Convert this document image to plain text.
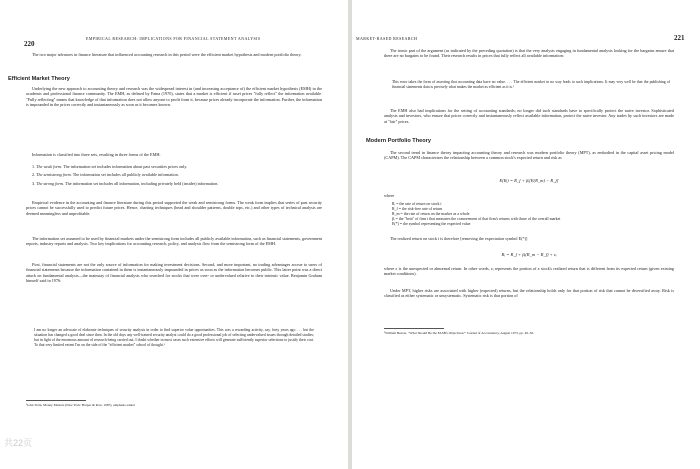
220
EMPIRICAL RESEARCH: IMPLICATIONS FOR FINANCIAL STATEMENT ANALYSIS

The two major advances in finance literature that influenced accounting research in this period were the efficient market hypothesis and modern portfolio theory.

Efficient Market Theory

Underlying the new approach to accounting theory and research was the widespread interest in (and increasing acceptance of) the efficient market hypothesis (EMH) in the academic and professional finance community. The EMH, as defined by Fama (1970), states that a market is efficient if asset prices "fully reflect" the information available. "Fully reflecting" means that knowledge of that information does not allow anyone to profit from it, because prices already incorporate the information. Further, the information is impounded in the prices correctly and instantaneously as soon as it becomes known.

Information is classified into three sets, resulting in three forms of the EMH:

1. The weak form. The information set includes information about past securities prices only.
2. The semistrong form. The information set includes all publicly available information.
3. The strong form. The information set includes all information, including privately held (insider) information.

Empirical evidence in the accounting and finance literature during this period supported the weak and semistrong forms. The weak form implies that series of past security prices cannot be successfully used to predict future prices. Hence, charting techniques (head and shoulder patterns, double tops, etc.) and other types of technical analysis are deemed meaningless and unprofitable.

The information set assumed to be used by financial markets under the semistrong form includes all publicly available information, such as financial statements, government reports, industry reports and analysis. Two key implications for accounting research, policy, and analysis flow from the semistrong form of the EMH.

First, financial statements are not the only source of information for making investment decisions. Second, and more important, no trading advantages accrue to users of financial statements because the information contained in them is instantaneously impounded in prices as soon as the information becomes public. This latter point was a direct attack on fundamental analysis—the mainstay of financial analysts who searched for stocks that were over- or undervalued relative to their intrinsic value. Benjamin Graham himself said in 1976:

I am no longer an advocate of elaborate techniques of security analysis in order to find superior value opportunities. This was a rewarding activity, say, forty years ago . . . but the situation has changed a good deal since then. In the old days any well-trained security analyst could do a good professional job of selecting undervalued issues through detailed studies; but in light of the enormous amount of research being carried out, I doubt whether in most cases such extensive efforts will generate sufficiently superior selections to justify their cost. To that very limited extent I'm on the side of the "efficient market" school of thought.¹

¹John Train, Money Masters (New York: Harper & Row, 1987), emphasis added
共22页
MARKET-BASED RESEARCH	221

The ironic part of the argument (as indicated by the preceding quotation) is that the very analysts engaging in fundamental analysis looking for the bargains ensure that there are no bargains to be found. Their research results in prices that fully reflect all available information:

This error takes the form of asserting that accounting data have no value. . . . The efficient market in no way leads to such implications. It may very well be that the publishing of financial statements data is precisely what makes the market as efficient as it is.²

The EMH also had implications for the setting of accounting standards; no longer did such standards have to specifically protect the naive investor. Sophisticated analysts and investors, who ensure that prices correctly and instantaneously reflect available information, protect the naive investor. Any trades by such investors are made at "fair" prices.

Modern Portfolio Theory

The second trend in finance theory impacting accounting theory and research was modern portfolio theory (MPT), as embodied in the capital asset pricing model (CAPM). The CAPM characterizes the relationship between a common stock's expected return and risk as

E(Rᵢ) = R_f + βᵢ[E(R_m) − R_f]
where
Rᵢ = the rate of return on stock i
R_f = the risk-free rate of return
R_m = the rate of return on the market as a whole
βᵢ = the "beta" of firm i that measures the comovement of that firm's returns with those of the overall market
E(*) = the symbol representing the expected value

The realized return on stock i is therefore [removing the expectation symbol E(*)]

Rᵢ = R_f + βᵢ(R_m − R_f) + εᵢ

where ε is the unexpected or abnormal return. In other words, εᵢ represents the portion of a stock's realized return that is different from its expected return (given existing market conditions).

Under MPT, higher risks are associated with higher (expected) returns, but the relationship holds only for that portion of risk that cannot be diversified away. Risk is classified as either systematic or unsystematic. Systematic risk is that portion of

²William Beaver, "What Should Be the FASB's Objectives?" Journal of Accountancy, August 1973, pp. 49–56.
